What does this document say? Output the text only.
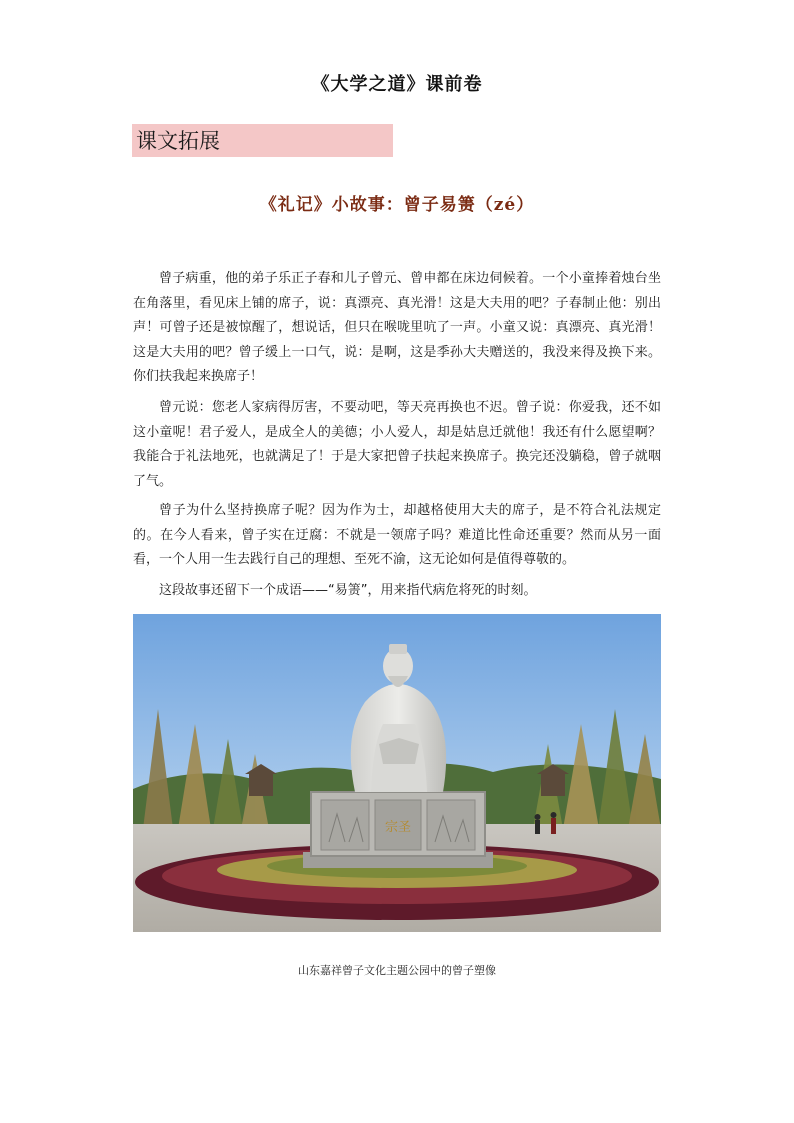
《大学之道》课前卷
课文拓展
《礼记》小故事：曾子易箦（zé）

曾子病重，他的弟子乐正子春和儿子曾元、曾申都在床边伺候着。一个小童捧着烛台坐在角落里，看见床上铺的席子，说：真漂亮、真光滑！这是大夫用的吧？子春制止他：别出声！可曾子还是被惊醒了，想说话，但只在喉咙里吭了一声。小童又说：真漂亮、真光滑！这是大夫用的吧？曾子缓上一口气，说：是啊，这是季孙大夫赠送的，我没来得及换下来。你们扶我起来换席子！

曾元说：您老人家病得厉害，不要动吧，等天亮再换也不迟。曾子说：你爱我，还不如这小童呢！君子爱人，是成全人的美德；小人爱人，却是姑息迁就他！我还有什么愿望啊？我能合于礼法地死，也就满足了！于是大家把曾子扶起来换席子。换完还没躺稳，曾子就咽了气。

曾子为什么坚持换席子呢？因为作为士，却越格使用大夫的席子，是不符合礼法规定的。在今人看来，曾子实在迂腐：不就是一领席子吗？难道比性命还重要？然而从另一面看，一个人用一生去践行自己的理想、至死不渝，这无论如何是值得尊敬的。

这段故事还留下一个成语——“易箦”，用来指代病危将死的时刻。

宗圣
山东嘉祥曾子文化主题公园中的曾子塑像
